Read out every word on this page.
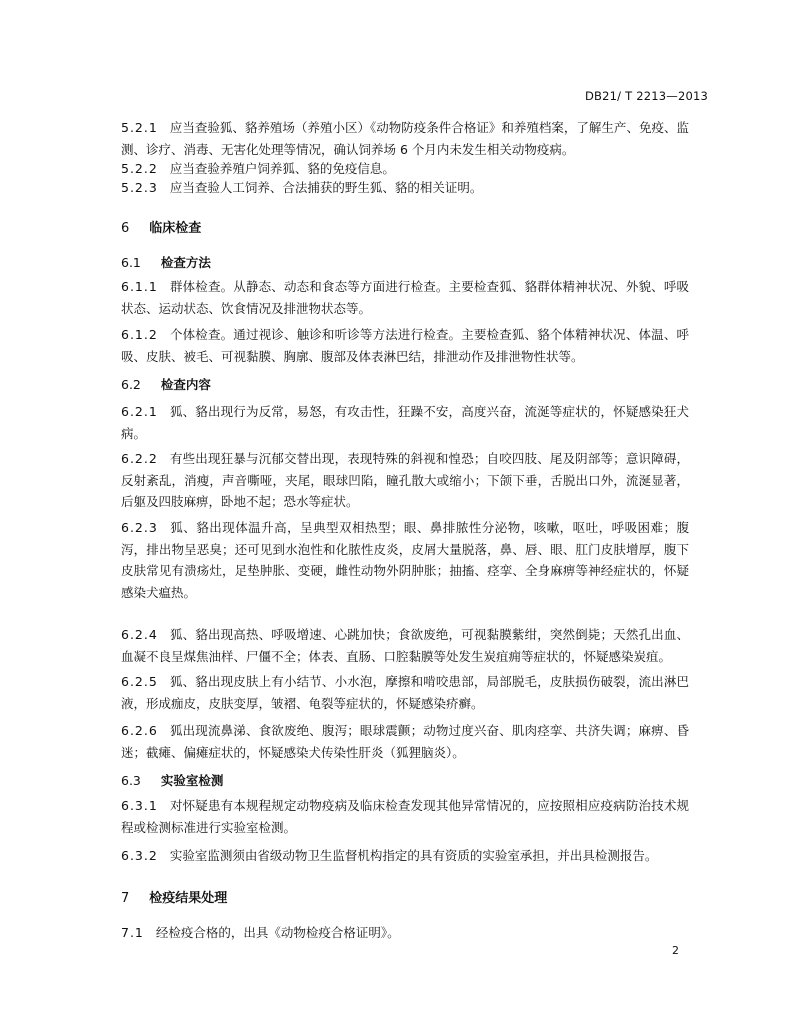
DB21/ T 2213—2013
5.2.1 应当查验狐、貉养殖场（养殖小区）《动物防疫条件合格证》和养殖档案，了解生产、免疫、监测、诊疗、消毒、无害化处理等情况，确认饲养场 6 个月内未发生相关动物疫病。
5.2.2 应当查验养殖户饲养狐、貉的免疫信息。
5.2.3 应当查验人工饲养、合法捕获的野生狐、貉的相关证明。
6 临床检查
6.1 检查方法
6.1.1 群体检查。从静态、动态和食态等方面进行检查。主要检查狐、貉群体精神状况、外貌、呼吸状态、运动状态、饮食情况及排泄物状态等。
6.1.2 个体检查。通过视诊、触诊和听诊等方法进行检查。主要检查狐、貉个体精神状况、体温、呼吸、皮肤、被毛、可视黏膜、胸廓、腹部及体表淋巴结，排泄动作及排泄物性状等。
6.2 检查内容
6.2.1 狐、貉出现行为反常，易怒，有攻击性，狂躁不安，高度兴奋，流涎等症状的，怀疑感染狂犬病。
6.2.2 有些出现狂暴与沉郁交替出现，表现特殊的斜视和惶恐；自咬四肢、尾及阴部等；意识障碍，反射紊乱，消瘦，声音嘶哑，夹尾，眼球凹陷，瞳孔散大或缩小；下颌下垂，舌脱出口外，流涎显著，后躯及四肢麻痹，卧地不起；恐水等症状。
6.2.3 狐、貉出现体温升高，呈典型双相热型；眼、鼻排脓性分泌物，咳嗽，呕吐，呼吸困难；腹泻，排出物呈恶臭；还可见到水泡性和化脓性皮炎，皮屑大量脱落，鼻、唇、眼、肛门皮肤增厚，腹下皮肤常见有溃疡灶，足垫肿胀、变硬，雌性动物外阴肿胀；抽搐、痉挛、全身麻痹等神经症状的，怀疑感染犬瘟热。
6.2.4 狐、貉出现高热、呼吸增速、心跳加快；食欲废绝，可视黏膜紫绀，突然倒毙；天然孔出血、血凝不良呈煤焦油样、尸僵不全；体表、直肠、口腔黏膜等处发生炭疽痈等症状的，怀疑感染炭疽。
6.2.5 狐、貉出现皮肤上有小结节、小水泡，摩擦和啃咬患部，局部脱毛，皮肤损伤破裂，流出淋巴液，形成痂皮，皮肤变厚，皱褶、龟裂等症状的，怀疑感染疥癣。
6.2.6 狐出现流鼻涕、食欲废绝、腹泻；眼球震颤；动物过度兴奋、肌肉痉挛、共济失调；麻痹、昏迷；截瘫、偏瘫症状的，怀疑感染犬传染性肝炎（狐狸脑炎）。
6.3 实验室检测
6.3.1 对怀疑患有本规程规定动物疫病及临床检查发现其他异常情况的，应按照相应疫病防治技术规程或检测标准进行实验室检测。
6.3.2 实验室监测须由省级动物卫生监督机构指定的具有资质的实验室承担，并出具检测报告。
7 检疫结果处理
7.1 经检疫合格的，出具《动物检疫合格证明》。
2
